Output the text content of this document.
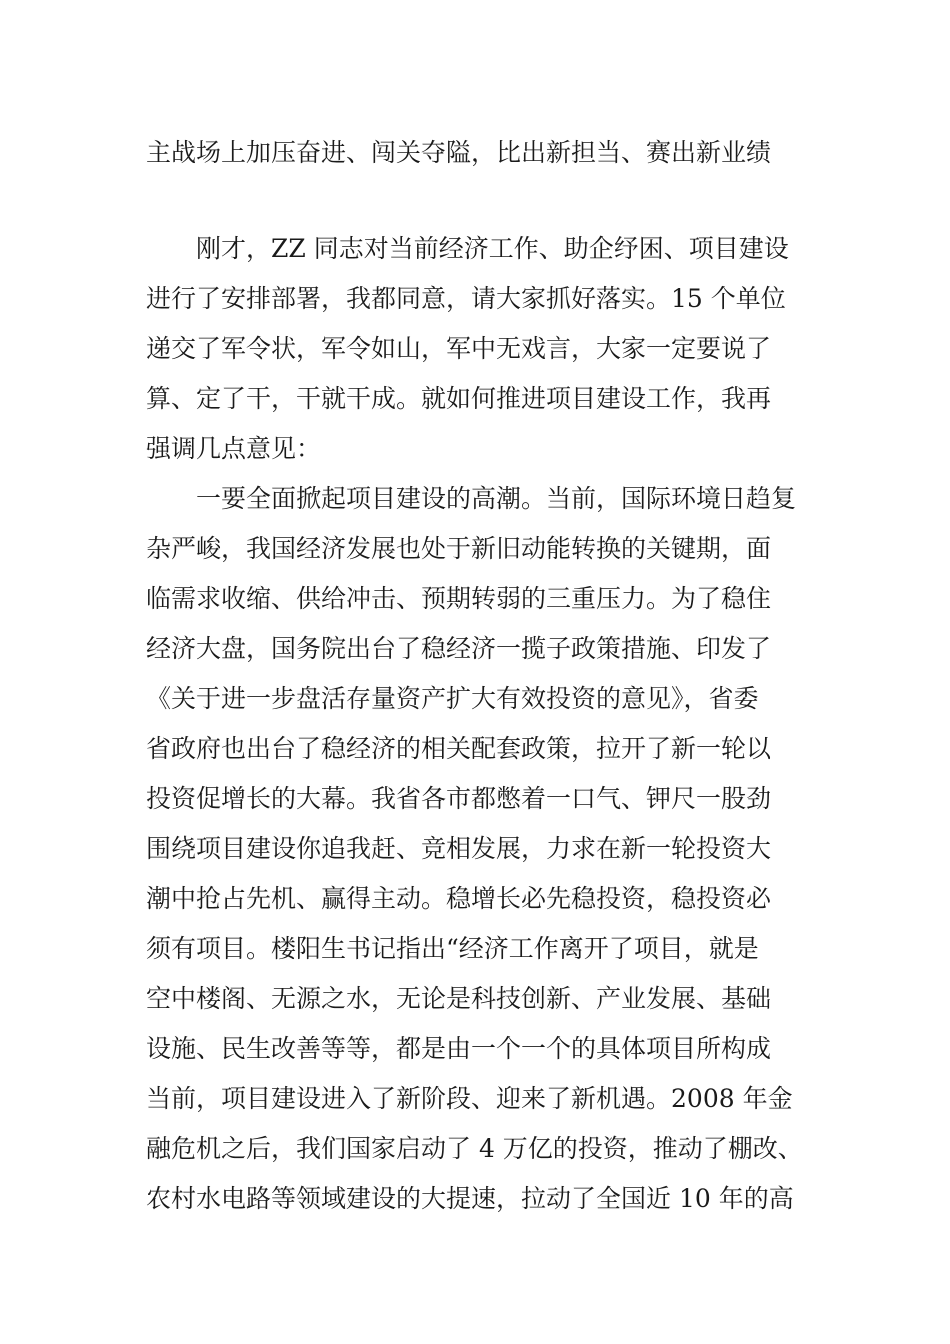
主战场上加压奋进、闯关夺隘，比出新担当、赛出新业绩
　　刚才，ZZ 同志对当前经济工作、助企纾困、项目建设
进行了安排部署，我都同意，请大家抓好落实。15 个单位
递交了军令状，军令如山，军中无戏言，大家一定要说了
算、定了干，干就干成。就如何推进项目建设工作，我再
强调几点意见：
　　一要全面掀起项目建设的高潮。当前，国际环境日趋复
杂严峻，我国经济发展也处于新旧动能转换的关键期，面
临需求收缩、供给冲击、预期转弱的三重压力。为了稳住
经济大盘，国务院出台了稳经济一揽子政策措施、印发了
《关于进一步盘活存量资产扩大有效投资的意见》，省委
省政府也出台了稳经济的相关配套政策，拉开了新一轮以
投资促增长的大幕。我省各市都憋着一口气、钾尺一股劲
围绕项目建设你追我赶、竞相发展，力求在新一轮投资大
潮中抢占先机、赢得主动。稳增长必先稳投资，稳投资必
须有项目。楼阳生书记指出“经济工作离开了项目，就是
空中楼阁、无源之水，无论是科技创新、产业发展、基础
设施、民生改善等等，都是由一个一个的具体项目所构成
当前，项目建设进入了新阶段、迎来了新机遇。2008 年金
融危机之后，我们国家启动了 4 万亿的投资，推动了棚改、
农村水电路等领域建设的大提速，拉动了全国近 10 年的高
